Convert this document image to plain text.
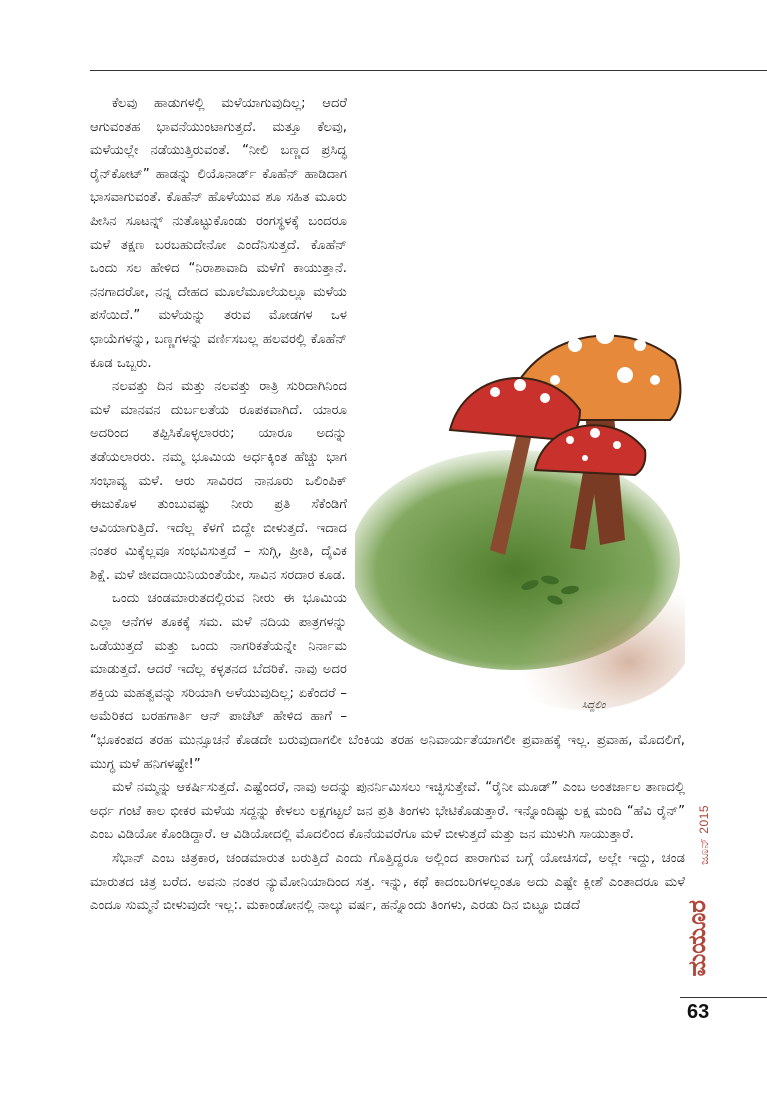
ಕೆಲವು ಹಾಡುಗಳಲ್ಲಿ ಮಳೆಯಾಗುವುದಿಲ್ಲ; ಆದರೆ ಆಗುವಂತಹ ಭಾವನೆಯುಂಟಾಗುತ್ತದೆ. ಮತ್ತೂ ಕೆಲವು, ಮಳೆಯಲ್ಲೇ ನಡೆಯುತ್ತಿರುವಂತೆ. “ನೀಲಿ ಬಣ್ಣದ ಪ್ರಸಿದ್ಧ ರೈನ್‌ಕೋಟ್” ಹಾಡನ್ನು ಲಿಯೊನಾರ್ಡ್ ಕೊಹೆನ್ ಹಾಡಿದಾಗ ಭಾಸವಾಗುವಂತೆ. ಕೊಹೆನ್ ಹೊಳೆಯುವ ಶೂ ಸಹಿತ ಮೂರು ಪೀಸಿನ ಸೂಟನ್ನ್ ನುತೊಟ್ಟುಕೊಂಡು ರಂಗಸ್ಥಳಕ್ಕೆ ಬಂದರೂ ಮಳೆ ತಕ್ಷಣ ಬರಬಹುದೇನೋ ಎಂದೆನಿಸುತ್ತದೆ. ಕೊಹೆನ್ ಒಂದು ಸಲ ಹೇಳಿದ “ನಿರಾಶಾವಾದಿ ಮಳೆಗೆ ಕಾಯುತ್ತಾನೆ. ನನಗಾದರೋ, ನನ್ನ ದೇಹದ ಮೂಲೆಮೂಲೆಯಲ್ಲೂ ಮಳೆಯ ಪಸೆಯಿದೆ.” ಮಳೆಯನ್ನು ತರುವ ಮೋಡಗಳ ಒಳ ಛಾಯೆಗಳನ್ನು, ಬಣ್ಣಗಳನ್ನು ವರ್ಣಿಸಬಲ್ಲ ಹಲವರಲ್ಲಿ ಕೊಹೆನ್ ಕೂಡ ಒಬ್ಬರು.

ನಲವತ್ತು ದಿನ ಮತ್ತು ನಲವತ್ತು ರಾತ್ರಿ ಸುರಿದಾಗಿನಿಂದ ಮಳೆ ಮಾನವನ ದುರ್ಬಲತೆಯ ರೂಪಕವಾಗಿದೆ. ಯಾರೂ ಅದರಿಂದ ತಪ್ಪಿಸಿಕೊಳ್ಳಲಾರರು; ಯಾರೂ ಅದನ್ನು ತಡೆಯಲಾರರು. ನಮ್ಮ ಭೂಮಿಯ ಅರ್ಧಕ್ಕಿಂತ ಹೆಚ್ಚು ಭಾಗ ಸಂಭಾವ್ಯ ಮಳೆ. ಆರು ಸಾವಿರದ ನಾನೂರು ಒಲಿಂಪಿಕ್ ಈಜುಕೊಳ ತುಂಬುವಷ್ಟು ನೀರು ಪ್ರತಿ ಸೆಕೆಂಡಿಗೆ ಆವಿಯಾಗುತ್ತಿದೆ. ಇದೆಲ್ಲ ಕೆಳಗೆ ಬಿದ್ದೇ ಬೀಳುತ್ತದೆ. ಇದಾದ ನಂತರ ಮಿಕ್ಕೆಲ್ಲವೂ ಸಂಭವಿಸುತ್ತದೆ – ಸುಗ್ಗಿ, ಪ್ರೀತಿ, ದೈವಿಕ ಶಿಕ್ಷೆ. ಮಳೆ ಜೀವದಾಯಿನಿಯಂತೆಯೇ, ಸಾವಿನ ಸರದಾರ ಕೂಡ.

ಒಂದು ಚಂಡಮಾರುತದಲ್ಲಿರುವ ನೀರು ಈ ಭೂಮಿಯ ಎಲ್ಲಾ ಆನೆಗಳ ತೂಕಕ್ಕೆ ಸಮ. ಮಳೆ ನದಿಯ ಪಾತ್ರಗಳನ್ನು ಒಡೆಯುತ್ತದೆ ಮತ್ತು ಒಂದು ನಾಗರಿಕತೆಯನ್ನೇ ನಿರ್ನಾಮ ಮಾಡುತ್ತದೆ. ಆದರೆ ಇದೆಲ್ಲ ಕಳ್ಳತನದ ಬೆದರಿಕೆ. ನಾವು ಅದರ ಶಕ್ತಿಯ ಮಹತ್ವವನ್ನು ಸರಿಯಾಗಿ ಅಳೆಯುವುದಿಲ್ಲ; ಏಕೆಂದರೆ – ಅಮೆರಿಕದ ಬರಹಗಾರ್ತಿ ಆನ್ ಪಾಚೆಟ್ ಹೇಳಿದ ಹಾಗೆ – “ಭೂಕಂಪದ ತರಹ ಮುನ್ಸೂಚನೆ ಕೊಡದೇ ಬರುವುದಾಗಲೀ ಬೆಂಕಿಯ ತರಹ ಅನಿವಾರ್ಯತೆಯಾಗಲೀ ಪ್ರವಾಹಕ್ಕೆ ಇಲ್ಲ. ಪ್ರವಾಹ, ಮೊದಲಿಗೆ, ಮುಗ್ಧ ಮಳೆ ಹನಿಗಳಷ್ಟೇ!”

ಮಳೆ ನಮ್ಮನ್ನು ಆಕರ್ಷಿಸುತ್ತದೆ. ಎಷ್ಟೆಂದರೆ, ನಾವು ಅದನ್ನು ಪುನರ್ನಿಮಿಸಲು ಇಚ್ಛಿಸುತ್ತೇವೆ. “ರೈನೀ ಮೂಡ್” ಎಂಬ ಅಂತರ್ಜಾಲ ತಾಣದಲ್ಲಿ ಅರ್ಧ ಗಂಟೆ ಕಾಲ ಭೀಕರ ಮಳೆಯ ಸದ್ದನ್ನು ಕೇಳಲು ಲಕ್ಷಗಟ್ಟಲೆ ಜನ ಪ್ರತಿ ತಿಂಗಳು ಭೇಟಿಕೊಡುತ್ತಾರೆ. ಇನ್ನೊಂದಿಷ್ಟು ಲಕ್ಷ ಮಂದಿ “ಹೆವಿ ರೈನ್” ಎಂಬ ವಿಡಿಯೋ ಕೊಂಡಿದ್ದಾರೆ. ಆ ವಿಡಿಯೋದಲ್ಲಿ ಮೊದಲಿಂದ ಕೊನೆಯವರೆಗೂ ಮಳೆ ಬೀಳುತ್ತದೆ ಮತ್ತು ಜನ ಮುಳುಗಿ ಸಾಯುತ್ತಾರೆ.

ಸೆಭಾನ್ ಎಂಬ ಚಿತ್ರಕಾರ, ಚಂಡಮಾರುತ ಬರುತ್ತಿದೆ ಎಂದು ಗೊತ್ತಿದ್ದರೂ ಅಲ್ಲಿಂದ ಪಾರಾಗುವ ಬಗ್ಗೆ ಯೋಚಿಸದೆ, ಅಲ್ಲೇ ಇದ್ದು, ಚಂಡ ಮಾರುತದ ಚಿತ್ರ ಬರೆದ. ಅವನು ನಂತರ ನ್ಯುಮೋನಿಯಾದಿಂದ ಸತ್ತ. ಇನ್ನು, ಕಥೆ ಕಾದಂಬರಿಗಳಲ್ಲಂತೂ ಅದು ಎಷ್ಟೇ ಕ್ಲೀಶೆ ಎಂತಾದರೂ ಮಳೆ ಎಂದೂ ಸುಮ್ಮನೆ ಬೀಳುವುದೇ ಇಲ್ಲ:. ಮಕಾಂಡೋನಲ್ಲಿ ನಾಲ್ಕು ವರ್ಷ, ಹನ್ನೊಂದು ತಿಂಗಳು, ಎರಡು ದಿನ ಬಿಟ್ಟೂ ಬಿಡದೆ

ಸಿದ್ದಲಿಂ
ಜೂನ್ 2015
ಮಯೂರ
63
